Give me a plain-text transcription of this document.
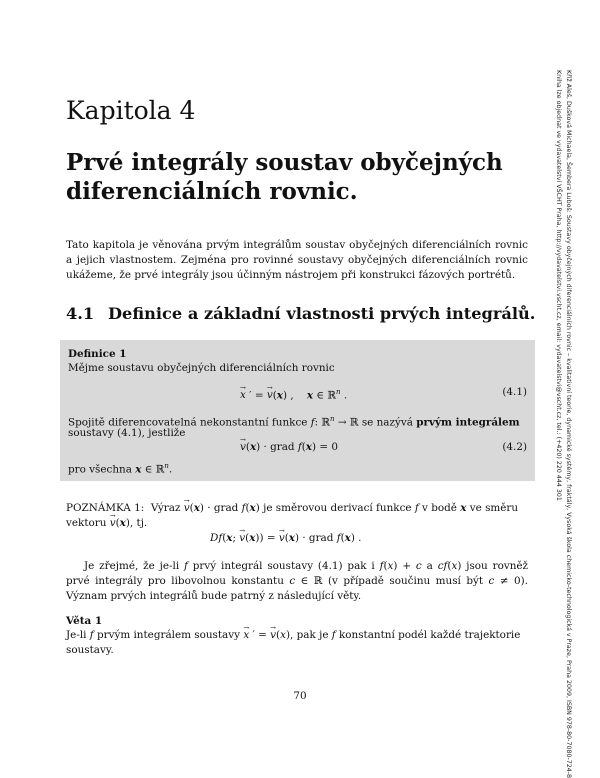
Kapitola 4
Prvé integrály soustav obyčejných diferenciálních rovnic.
Tato kapitola je věnována prvým integrálům soustav obyčejných diferenciálních rovnic a jejich vlastnostem. Zejména pro rovinné soustavy obyčejných diferenciálních rovnic ukážeme, že prvé integrály jsou účinným nástrojem při konstrukci fázových portrétů.
4.1 Definice a základní vlastnosti prvých integrálů.
Definice 1
Mějme soustavu obyčejných diferenciálních rovnic
→ x ′ = → v(x) ,    x ∈ ℝ$^n$ .	(4.1)
Spojitě diferencovatelná nekonstantní funkce f: ℝ$^n$ → ℝ se nazývá prvým integrálem
soustavy (4.1), jestliže
→ v(x) · grad f(x) = 0	(4.2)
pro všechna x ∈ ℝ$^n$.
POZNÁMKA 1: Výraz → v(x) · grad f(x) je směrovou derivací funkce f v bodě x ve směru vektoru → v(x), tj.
Df(x; → v(x)) = → v(x) · grad f(x) .
Je zřejmé, že je-li f prvý integrál soustavy (4.1) pak i f(x) + c a cf(x) jsou rovněž prvé integrály pro libovolnou konstantu c ∈ ℝ (v případě součinu musí být c ≠ 0). Význam prvých integrálů bude patrný z následující věty.
Věta 1
Je-li f prvým integrálem soustavy → x ′ = → v(x), pak je f konstantní podél každé trajektorie soustavy.
70	Kříž Aleš, Dušková Michaela, Šembera Luboš: Soustavy obyčejných diferenciálních rovnic – kvalitativní teorie, dynamické systémy, fraktály, Vysoká škola chemicko-technologická v Praze, Praha 2009, ISBN 978-80-7080-724-8
Kniha lze objednat ve vydavatelství VŠCHT Praha, http://vydavatelstvi.vscht.cz, email: vydavatelstvi@vscht.cz, tel.: (+420) 220 444 301
